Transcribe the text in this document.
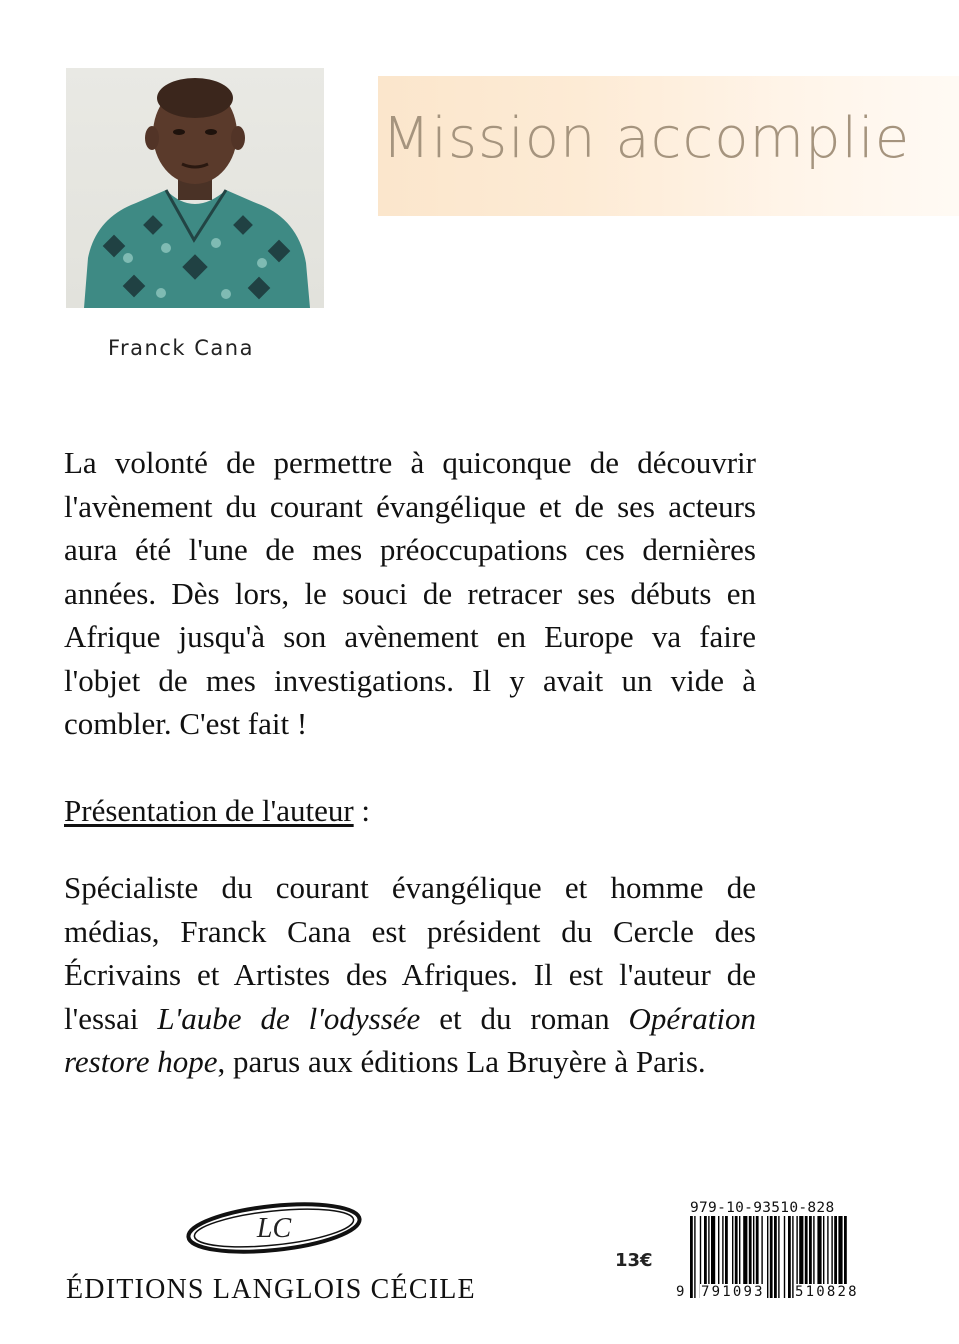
Franck Cana
Mission accomplie

La volonté de permettre à quiconque de découvrir l'avènement du courant évangélique et de ses acteurs aura été l'une de mes préoccupations ces dernières années. Dès lors, le souci de retracer ses débuts en Afrique jusqu'à son avènement en Europe va faire l'objet de mes investigations. Il y avait un vide à combler. C'est fait !

Présentation de l'auteur :

Spécialiste du courant évangélique et homme de médias, Franck Cana est président du Cercle des Écrivains et Artistes des Afriques. Il est l'auteur de l'essai L'aube de l'odyssée et du roman Opération restore hope, parus aux éditions La Bruyère à Paris.

LC
ÉDITIONS LANGLOIS CÉCILE
13€
979-10-93510-828
9 791093 510828
